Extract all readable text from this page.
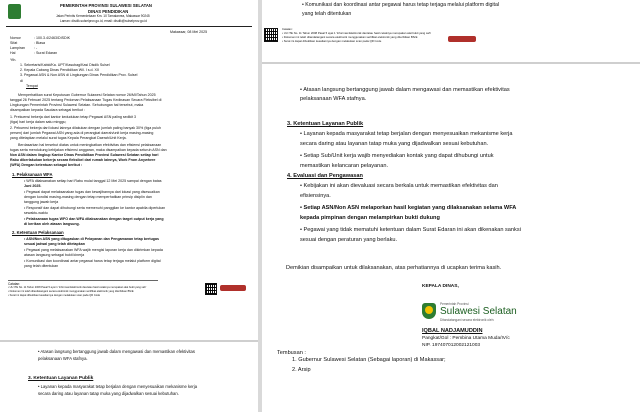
PEMERINTAH PROVINSI SULAWESI SELATAN
DINAS PENDIDIKAN
Jalan Perintis Kemerdekaan Km. 10 Tamalanrea, Makassar 90245
Laman: disdik.sulselprov.go.id, email: disdik@sulselprov.go.id
Makassar, 08 Mei 2025
Nomor	: 100.3.4/2463/DISDIK
Sifat	: Biasa
Lampiran	: -
Hal	: Surat Edaran
Yth.
1. Sekretaris/Kabid/Ka. UPT/Kasubag/Kasi Disdik Sulsel
2. Kepala Cabang Dinas Pendidikan Wil. I s.d. XII
3. Pegawai ASN & Non ASN di Lingkungan Dinas Pendidikan Prov. Sulsel
di
Tempat
Memperhatikan surat Keputusan Gubernur Sulawesi Selatan nomor 26/MI/Tahun 2025
tanggal 26 Februari 2025 tentang Pedoman Pelaksanaan Tugas Kedinasan Secara Fleksibel di
Lingkungan Pemerintah Provinsi Sulawesi Selatan. Sehubungan hal tersebut, maka
disampaikan kepada Saudara sebagai berikut :
1. Prekuensi bekerja dari kantor kedudukan tetap Pegawai ASN paling sedikit 3
(tiga) hari kerja dalam satu minggu;
2. Pekuensi bekerja dari lokasi lainnya dilakukan dengan jumlah paling banyak 30% (tiga puluh
persen) dari jumlah Pegawai ASN yang ada di perangkat daerah/unit kerja masing-masing
yang ditetapkan melalui surat tugas Kepala Perangkat Daerah/Unit Kerja.
Berdasarkan hal tersebut diatas untuk meningkatkan efektivitas dan efisiensi pelaksanaan
tugas serta mendukung kebijakan efisiensi anggaran, maka disampaikan kepada seluruh ASN dan
Non ASN dalam lingkup Kantor Dinas Pendidikan Provinsi Sulawesi Selatan setiap hari
Rabu diberlakukan bekerja secara fleksibel dari rumah lainnya, Work From Anywhere
(WFA) Dengan ketentuan sebagai berikut :
1. Pelaksanaan WFA
• WFA dilaksanakan setiap hari Rabu mulai tanggal 12 Mei 2025 sampai dengan batas
Juni 2025.
• Pegawai dapat melaksanakan tugas dan kewajibannya dari lokasi yang disesuaikan
dengan kondisi masing-masing dengan tetap memperhatikan prinsip disiplin dan
tanggung jawab kerja
• Responsif dan dapat dihubungi serta memenuhi panggilan ke kantor apabila diperlukan
sewaktu-waktu
• Pelaksanaan tugas WFO dan WFA dilaksanakan dengan target output kerja yang
di berikan oleh atasan langsung.
2. Ketentuan Pelaksanaan
• ASN/Non ASN yang ditugaskan di Pelayanan dan Pengamanan tetap bertugas
sesuai jadwal yang telah ditetapkan
• Pegawai yang melaksanakan WFA wajib mengisi laporan kerja dan dikirimkan kepada
atasan langsung sebagai bukti kinerja
• Komunikasi dan koordinasi antar pegawai harus tetap terjaga melalui platform digital
yang telah ditentukan
Catatan:
• UU ITE No. 11 Tahun 2008 Pasal 5 ayat 1 'Informasi Elektronik dan/atau hasil cetaknya merupakan alat bukti yang sah'
• Dokumen ini telah ditandatangani secara elektronik menggunakan sertifikat elektronik yang diterbitkan BSrE
• Surat ini dapat dibuktikan keasliannya dengan melakukan scan pada QR Code
• Atasan langsung bertanggung jawab dalam mengawasi dan memastikan efektivitas
pelaksanaan WFA stafnya.
3. Ketentuan Layanan Publik
• Layanan kepada masyarakat tetap berjalan dengan menyesuaikan mekanisme kerja
secara daring atau layanan tatap muka yang dijadwalkan sesuai kebutuhan.
• Komunikasi dan koordinasi antar pegawai harus tetap terjaga melalui platform digital
yang telah ditentukan
Catatan:
• UU ITE No. 11 Tahun 2008 Pasal 5 ayat 1 'Informasi Elektronik dan/atau hasil cetaknya merupakan alat bukti yang sah'
• Dokumen ini telah ditandatangani secara elektronik menggunakan sertifikat elektronik yang diterbitkan BSrE
• Surat ini dapat dibuktikan keasliannya dengan melakukan scan pada QR Code
• Atasan langsung bertanggung jawab dalam mengawasi dan memastikan efektivitas
pelaksanaan WFA stafnya.
3. Ketentuan Layanan Publik
• Layanan kepada masyarakat tetap berjalan dengan menyesuaikan mekanisme kerja
secara daring atau layanan tatap muka yang dijadwalkan sesuai kebutuhan.
• Setiap Sub/Unit kerja wajib menyediakan kontak yang dapat dihubungi untuk
memastikan kelancaran pelayanan.
4. Evaluasi dan Pengawasan
• Kebijakan ini akan dievaluasi secara berkala untuk memastikan efektivitas dan
efisiensinya.
• Setiap ASN/Non ASN melaporkan hasil kegiatan yang dilaksanakan selama WFA
kepada pimpinan dengan melampirkan bukti dukung
• Pegawai yang tidak mematuhi ketentuan dalam Surat Edaran ini akan dikenakan sanksi
sesuai dengan peraturan yang berlaku.
Demikian disampaikan untuk dilaksanakan, atas perhatiannya di ucapkan terima kasih.
KEPALA DINAS,
Pemerintah Provinsi
Sulawesi Selatan
Ditandatangani secara elektronik oleh:
IQBAL NADJAMUDDIN
Pangkat/Gol : Pembina Utama Muda/IV/c
NIP. 197407012002121003
Tembusan :
1. Gubernur Sulawesi Selatan (Sebagai laporan) di Makassar;
2. Arsip
